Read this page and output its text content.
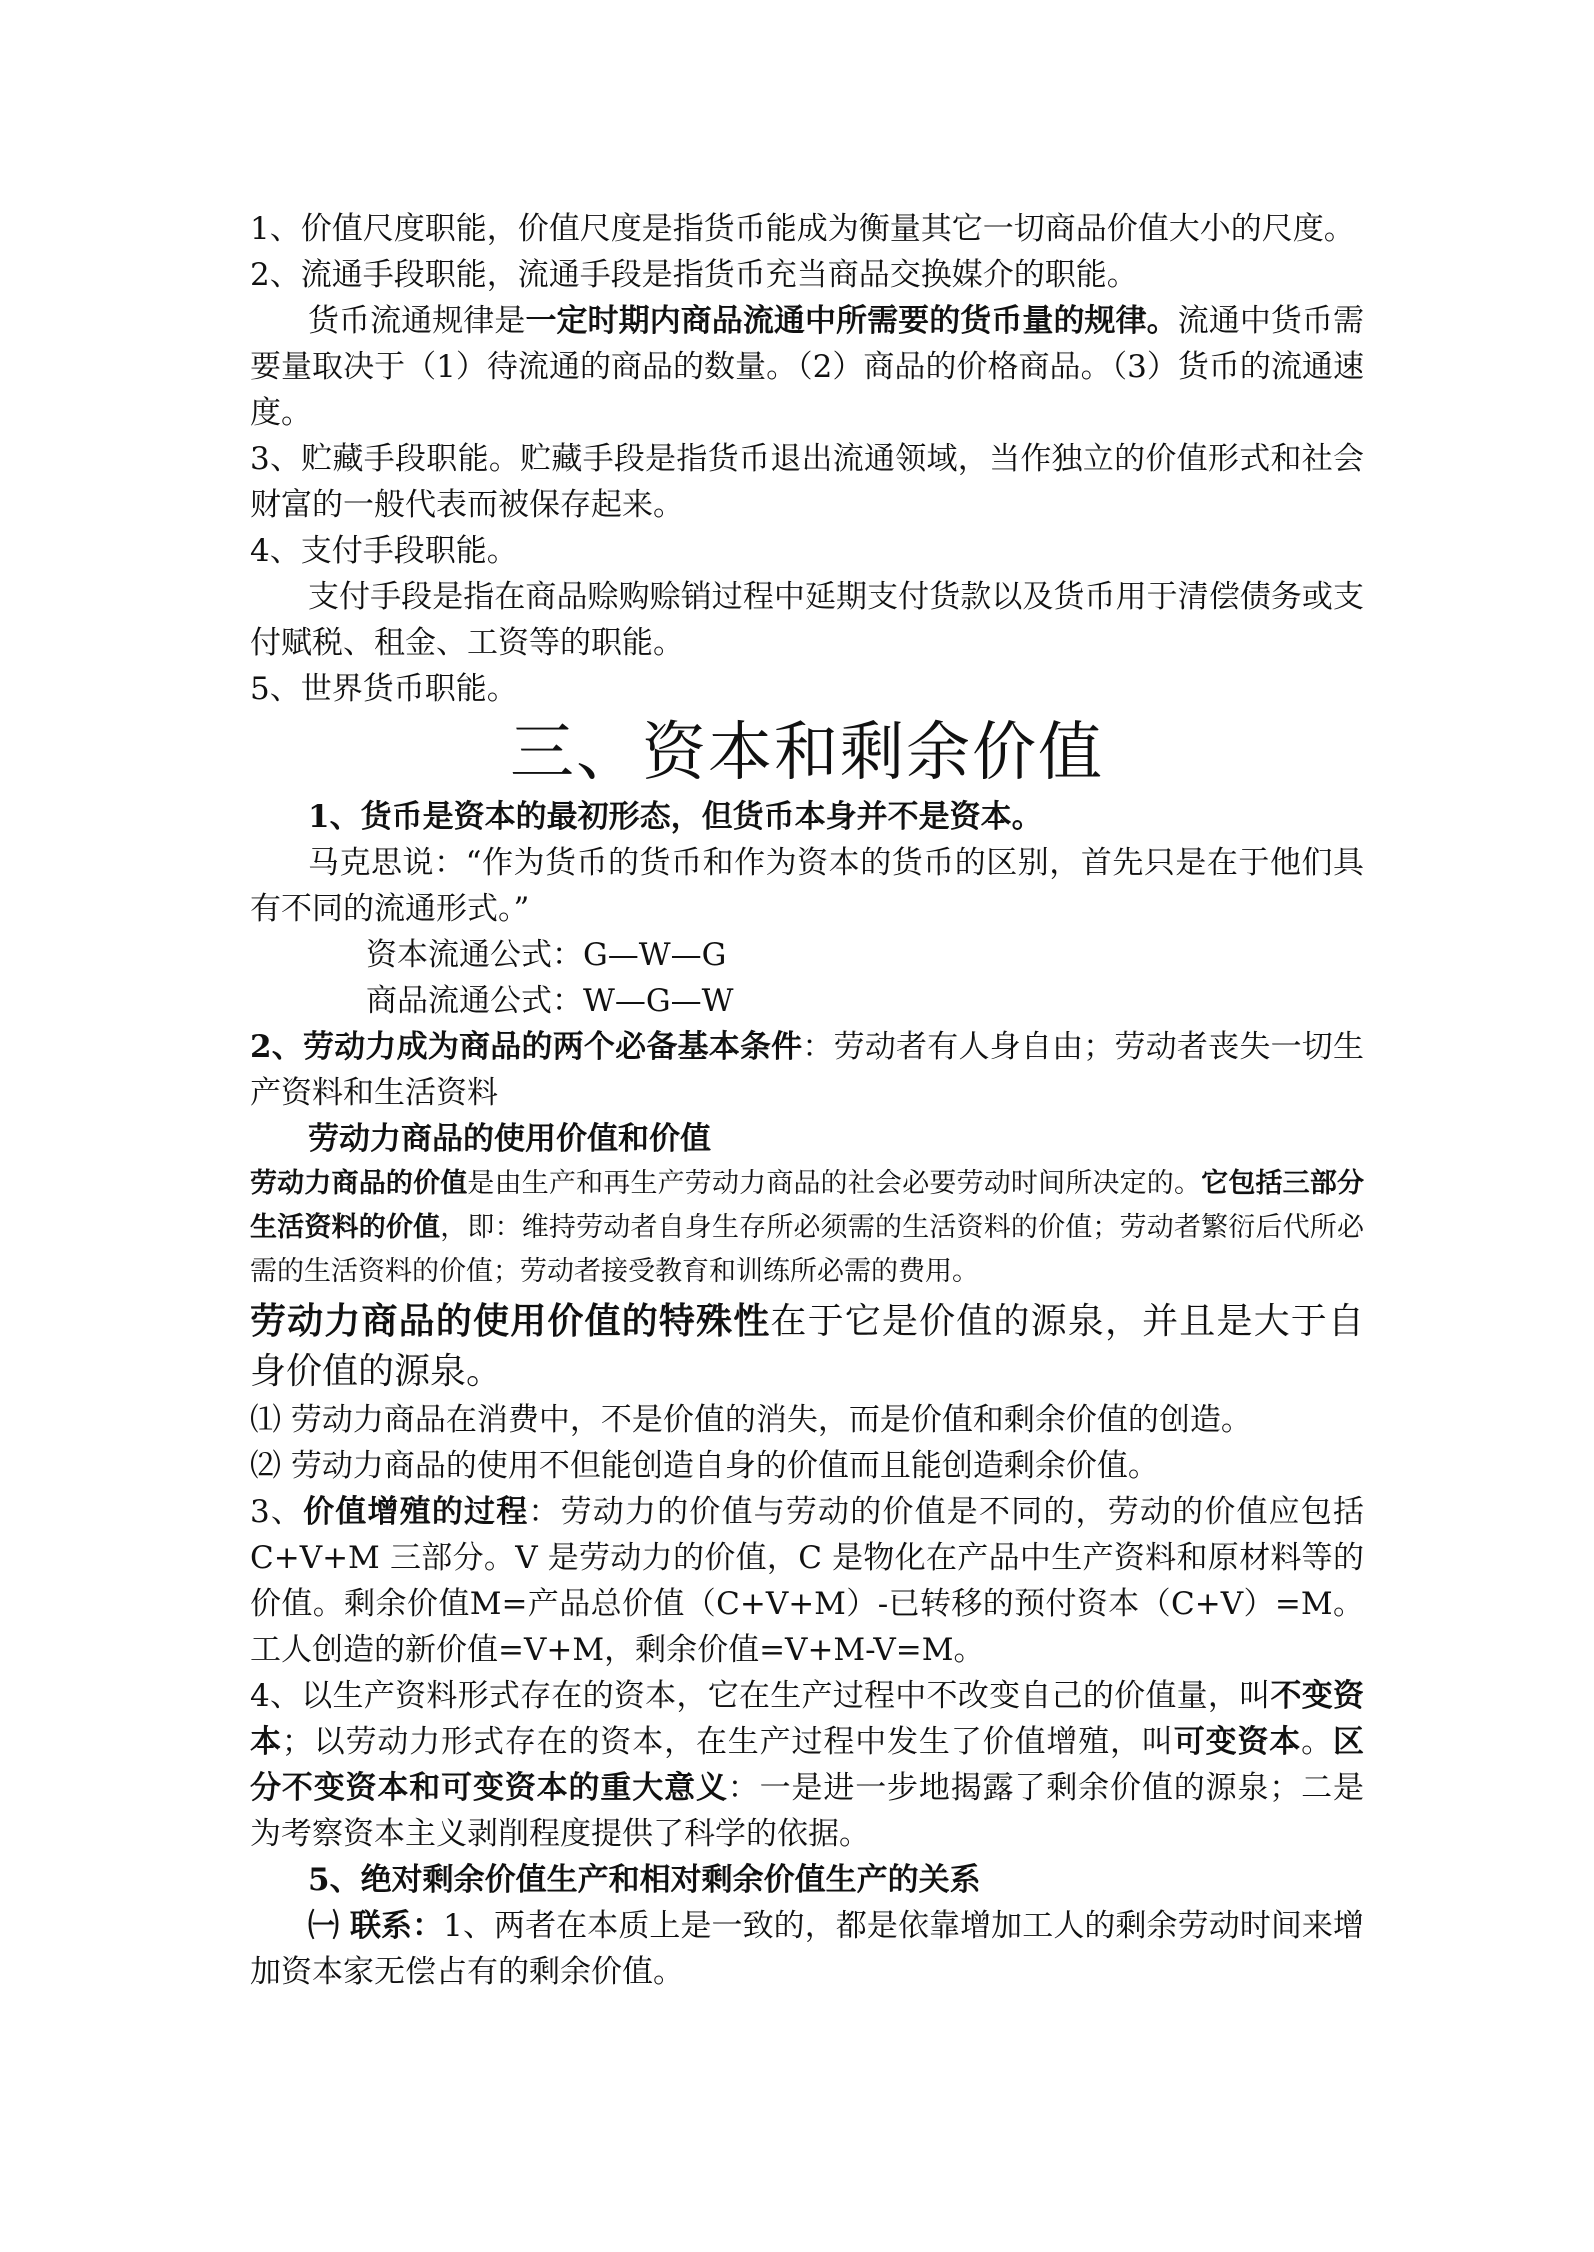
1、价值尺度职能，价值尺度是指货币能成为衡量其它一切商品价值大小的尺度。

2、流通手段职能，流通手段是指货币充当商品交换媒介的职能。

货币流通规律是一定时期内商品流通中所需要的货币量的规律。流通中货币需要量取决于（1）待流通的商品的数量。（2）商品的价格商品。（3）货币的流通速度。

3、贮藏手段职能。贮藏手段是指货币退出流通领域，当作独立的价值形式和社会财富的一般代表而被保存起来。

4、支付手段职能。

支付手段是指在商品赊购赊销过程中延期支付货款以及货币用于清偿债务或支付赋税、租金、工资等的职能。

5、世界货币职能。

三、资本和剩余价值

1、货币是资本的最初形态，但货币本身并不是资本。

马克思说：“作为货币的货币和作为资本的货币的区别，首先只是在于他们具有不同的流通形式。”

资本流通公式：G—W—G

商品流通公式：W—G—W

2、劳动力成为商品的两个必备基本条件：劳动者有人身自由；劳动者丧失一切生产资料和生活资料

劳动力商品的使用价值和价值

劳动力商品的价值是由生产和再生产劳动力商品的社会必要劳动时间所决定的。它包括三部分生活资料的价值，即：维持劳动者自身生存所必须需的生活资料的价值；劳动者繁衍后代所必需的生活资料的价值；劳动者接受教育和训练所必需的费用。

劳动力商品的使用价值的特殊性在于它是价值的源泉，并且是大于自身价值的源泉。

⑴ 劳动力商品在消费中，不是价值的消失，而是价值和剩余价值的创造。

⑵ 劳动力商品的使用不但能创造自身的价值而且能创造剩余价值。

3、价值增殖的过程：劳动力的价值与劳动的价值是不同的，劳动的价值应包括C+V+M 三部分。V 是劳动力的价值，C 是物化在产品中生产资料和原材料等的价值。剩余价值M=产品总价值（C+V+M）-已转移的预付资本（C+V）=M。工人创造的新价值=V+M，剩余价值=V+M-V=M。

4、以生产资料形式存在的资本，它在生产过程中不改变自己的价值量，叫不变资本；以劳动力形式存在的资本，在生产过程中发生了价值增殖，叫可变资本。区分不变资本和可变资本的重大意义：一是进一步地揭露了剩余价值的源泉；二是为考察资本主义剥削程度提供了科学的依据。

5、绝对剩余价值生产和相对剩余价值生产的关系

㈠ 联系：1、两者在本质上是一致的，都是依靠增加工人的剩余劳动时间来增加资本家无偿占有的剩余价值。
